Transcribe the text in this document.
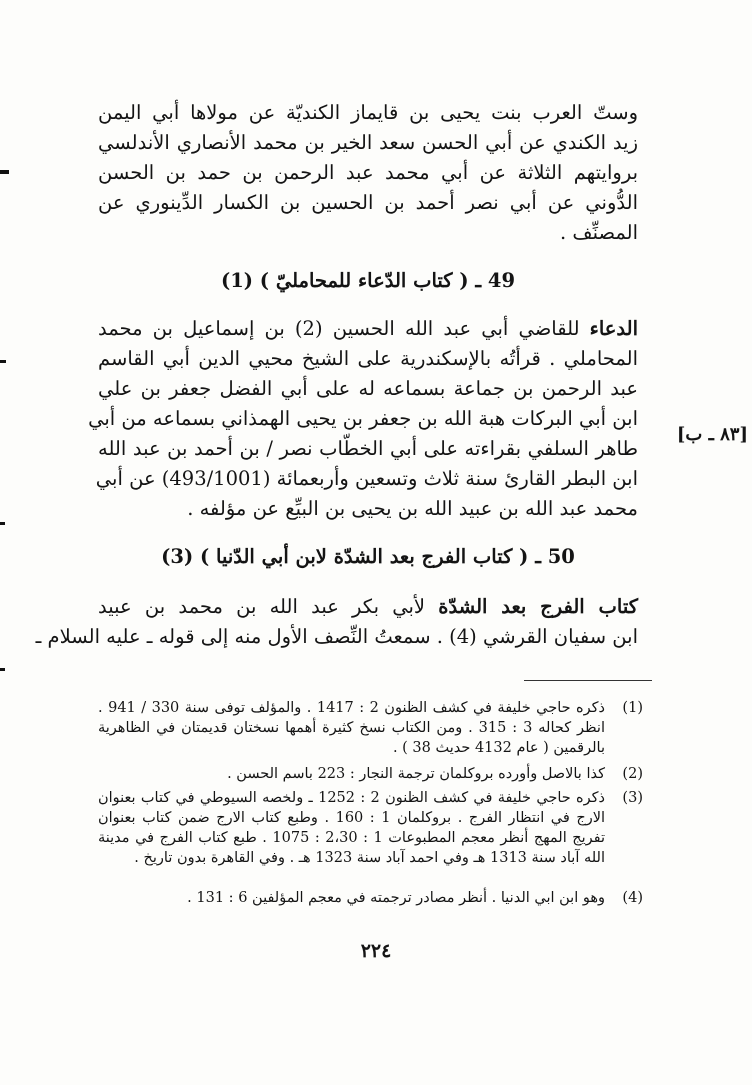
وستّ العرب بنت يحيى بن قايماز الكنديّة عن مولاها أبي اليمن
زيد الكندي عن أبي الحسن سعد الخير بن محمد الأنصاري الأندلسي
بروايتهم الثلاثة عن أبي محمد عبد الرحمن بن حمد بن الحسن
الدُّوني عن أبي نصر أحمد بن الحسين بن الكسار الدِّينوري عن
المصنِّف .
49 ـ ( كتاب الدّعاء للمحامليّ ) (1)
الدعاء للقاضي أبي عبد الله الحسين (2) بن إسماعيل بن محمد
المحاملي . قرأتُه بالإسكندرية على الشيخ محيي الدين أبي القاسم
عبد الرحمن بن جماعة بسماعه له على أبي الفضل جعفر بن علي
ابن أبي البركات هبة الله بن جعفر بن يحيى الهمذاني بسماعه من أبي
طاهر السلفي بقراءته على أبي الخطّاب نصر / بن أحمد بن عبد الله
ابن البطر القارئ سنة ثلاث وتسعين وأربعمائة (493/1001) عن أبي
محمد عبد الله بن عبيد الله بن يحيى بن البيِّع عن مؤلفه .
[٨٣ ـ ب]
50 ـ ( كتاب الفرج بعد الشدّة لابن أبي الدّنيا ) (3)
كتاب الفرج بعد الشدّة لأبي بكر عبد الله بن محمد بن عبيد
ابن سفيان القرشي (4) . سمعتُ النِّصف الأول منه إلى قوله ـ عليه السلام ـ
(1)
ذكره حاجي خليفة في كشف الظنون 2 : 1417 . والمؤلف توفى سنة 330 / 941 . انظر كحاله 3 : 315 . ومن الكتاب نسخ كثيرة أهمها نسختان قديمتان في الظاهرية بالرقمين ( عام 4132 حديث 38 ) .
(2)
كذا بالاصل وأورده بروكلمان ترجمة النجار : 223 باسم الحسن .
(3)
ذكره حاجي خليفة في كشف الظنون 2 : 1252 ـ ولخصه السيوطي في كتاب بعنوان الارج في انتظار الفرج . بروكلمان 1 : 160 . وطبع كتاب الارج ضمن كتاب بعنوان تفريج المهج أنظر معجم المطبوعات 1 : 2،30 : 1075 . طبع كتاب الفرج في مدينة الله آباد سنة 1313 هـ وفي احمد آباد سنة 1323 هـ . وفي القاهرة بدون تاريخ .
(4)
وهو ابن ابي الدنيا . أنظر مصادر ترجمته في معجم المؤلفين 6 : 131 .
٢٢٤
